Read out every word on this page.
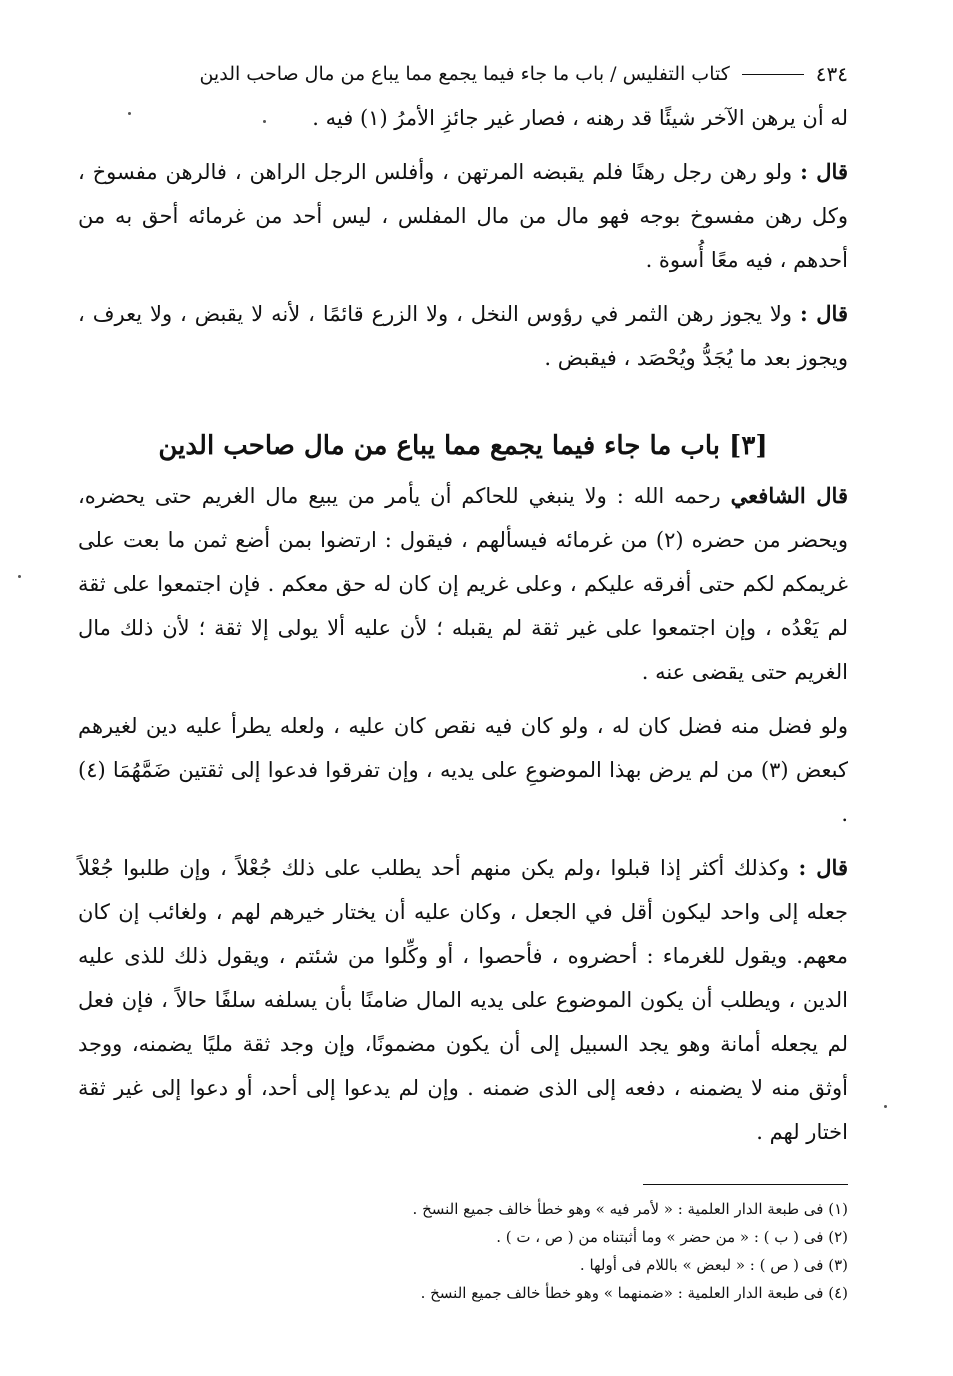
٤٣٤
كتاب التفليس / باب ما جاء فيما يجمع مما يباع من مال صاحب الدين

له أن يرهن الآخر شيئًا قد رهنه ، فصار غير جائزِ الأمرُ (١) فيه .

قال : ولو رهن رجل رهنًا فلم يقبضه المرتهن ، وأفلس الرجل الراهن ، فالرهن مفسوخ ، وكل رهن مفسوخ بوجه فهو مال من مال المفلس ، ليس أحد من غرمائه أحق به من أحدهم ، فيه معًا أُسوة .

قال : ولا يجوز رهن الثمر في رؤوس النخل ، ولا الزرع قائمًا ، لأنه لا يقبض ، ولا يعرف ، ويجوز بعد ما يُجَدُّ ويُحْصَد ، فيقبض .

[٣] باب ما جاء فيما يجمع مما يباع من مال صاحب الدين

قال الشافعي رحمه الله : ولا ينبغي للحاكم أن يأمر من يبيع مال الغريم حتى يحضره، ويحضر من حضره (٢) من غرمائه فيسألهم ، فيقول : ارتضوا بمن أضع ثمن ما بعت على غريمكم لكم حتى أفرقه عليكم ، وعلى غريم إن كان له حق معكم . فإن اجتمعوا على ثقة لم يَعْدُه ، وإن اجتمعوا على غير ثقة لم يقبله ؛ لأن عليه ألا يولى إلا ثقة ؛ لأن ذلك مال الغريم حتى يقضى عنه .

ولو فضل منه فضل كان له ، ولو كان فيه نقص كان عليه ، ولعله يطرأ عليه دين لغيرهم كبعض (٣) من لم يرض بهذا الموضوعِ على يديه ، وإن تفرقوا فدعوا إلى ثقتين ضَمَّهُمَا (٤) .

قال : وكذلك أكثر إذا قبلوا ،ولم يكن منهم أحد يطلب على ذلك جُعْلاً ، وإن طلبوا جُعْلاً جعله إلى واحد ليكون أقل في الجعل ، وكان عليه أن يختار خيرهم لهم ، ولغائب إن كان معهم. ويقول للغرماء : أحضروه ، فأحصوا ، أو وكِّلوا من شئتم ، ويقول ذلك للذى عليه الدين ، ويطلب أن يكون الموضوع على يديه المال ضامنًا بأن يسلفه سلفًا حالاً ، فإن فعل لم يجعله أمانة وهو يجد السبيل إلى أن يكون مضمونًا، وإن وجد ثقة مليًا يضمنه، ووجد أوثق منه لا يضمنه ، دفعه إلى الذى ضمنه . وإن لم يدعوا إلى أحد، أو دعوا إلى غير ثقة اختار لهم .

(١) فى طبعة الدار العلمية : « لأمر فيه » وهو خطأ خالف جميع النسخ .

(٢) فى ( ب ) : « من حضر » وما أثبتناه من ( ص ، ت ) .

(٣) فى ( ص ) : « لبعض » باللام فى أولها .

(٤) فى طبعة الدار العلمية : «ضمنهما » وهو خطأ خالف جميع النسخ .
